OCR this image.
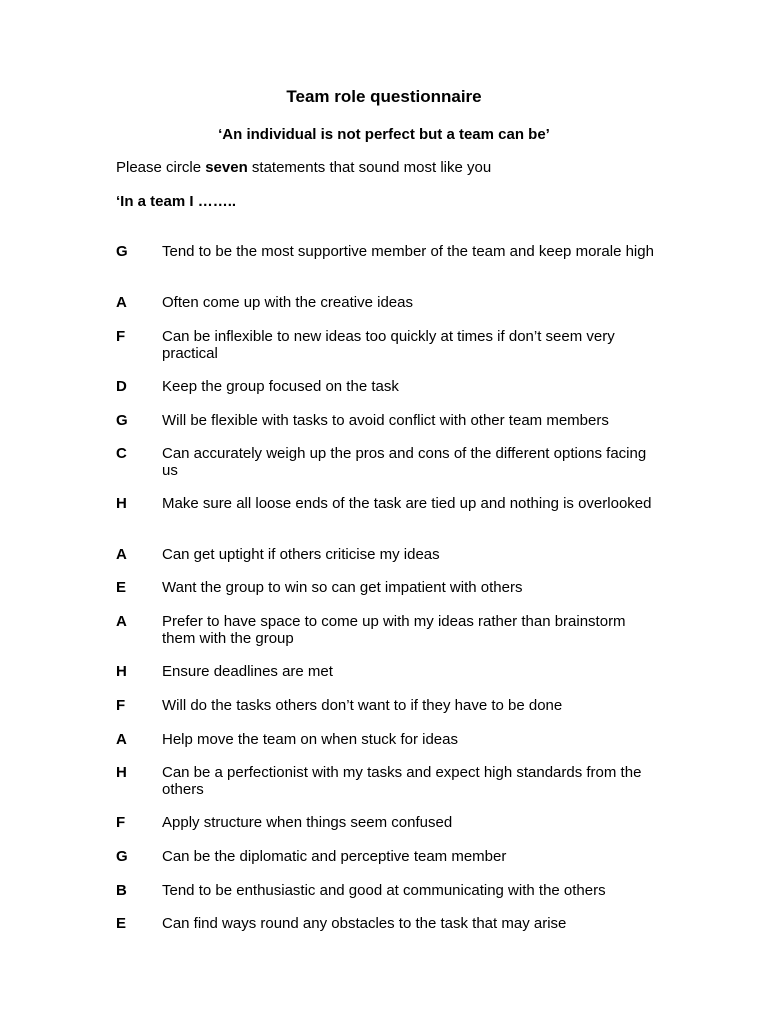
Team role questionnaire
‘An individual is not perfect but a team can be’
Please circle seven statements that sound most like you
‘In a team I ……..
G Tend to be the most supportive member of the team and keep morale high
A Often come up with the creative ideas
F Can be inflexible to new ideas too quickly at times if don’t seem very practical
D Keep the group focused on the task
G Will be flexible with tasks to avoid conflict with other team members
C Can accurately weigh up the pros and cons of the different options facing us
H Make sure all loose ends of the task are tied up and nothing is overlooked
A Can get uptight if others criticise my ideas
E Want the group to win so can get impatient with others
A Prefer to have space to come up with my ideas rather than brainstorm them with the group
H Ensure deadlines are met
F Will do the tasks others don’t want to if they have to be done
A Help move the team on when stuck for ideas
H Can be a perfectionist with my tasks and expect high standards from the others
F Apply structure when things seem confused
G Can be the diplomatic and perceptive team member
B Tend to be enthusiastic and good at communicating with the others
E Can find ways round any obstacles to the task that may arise
